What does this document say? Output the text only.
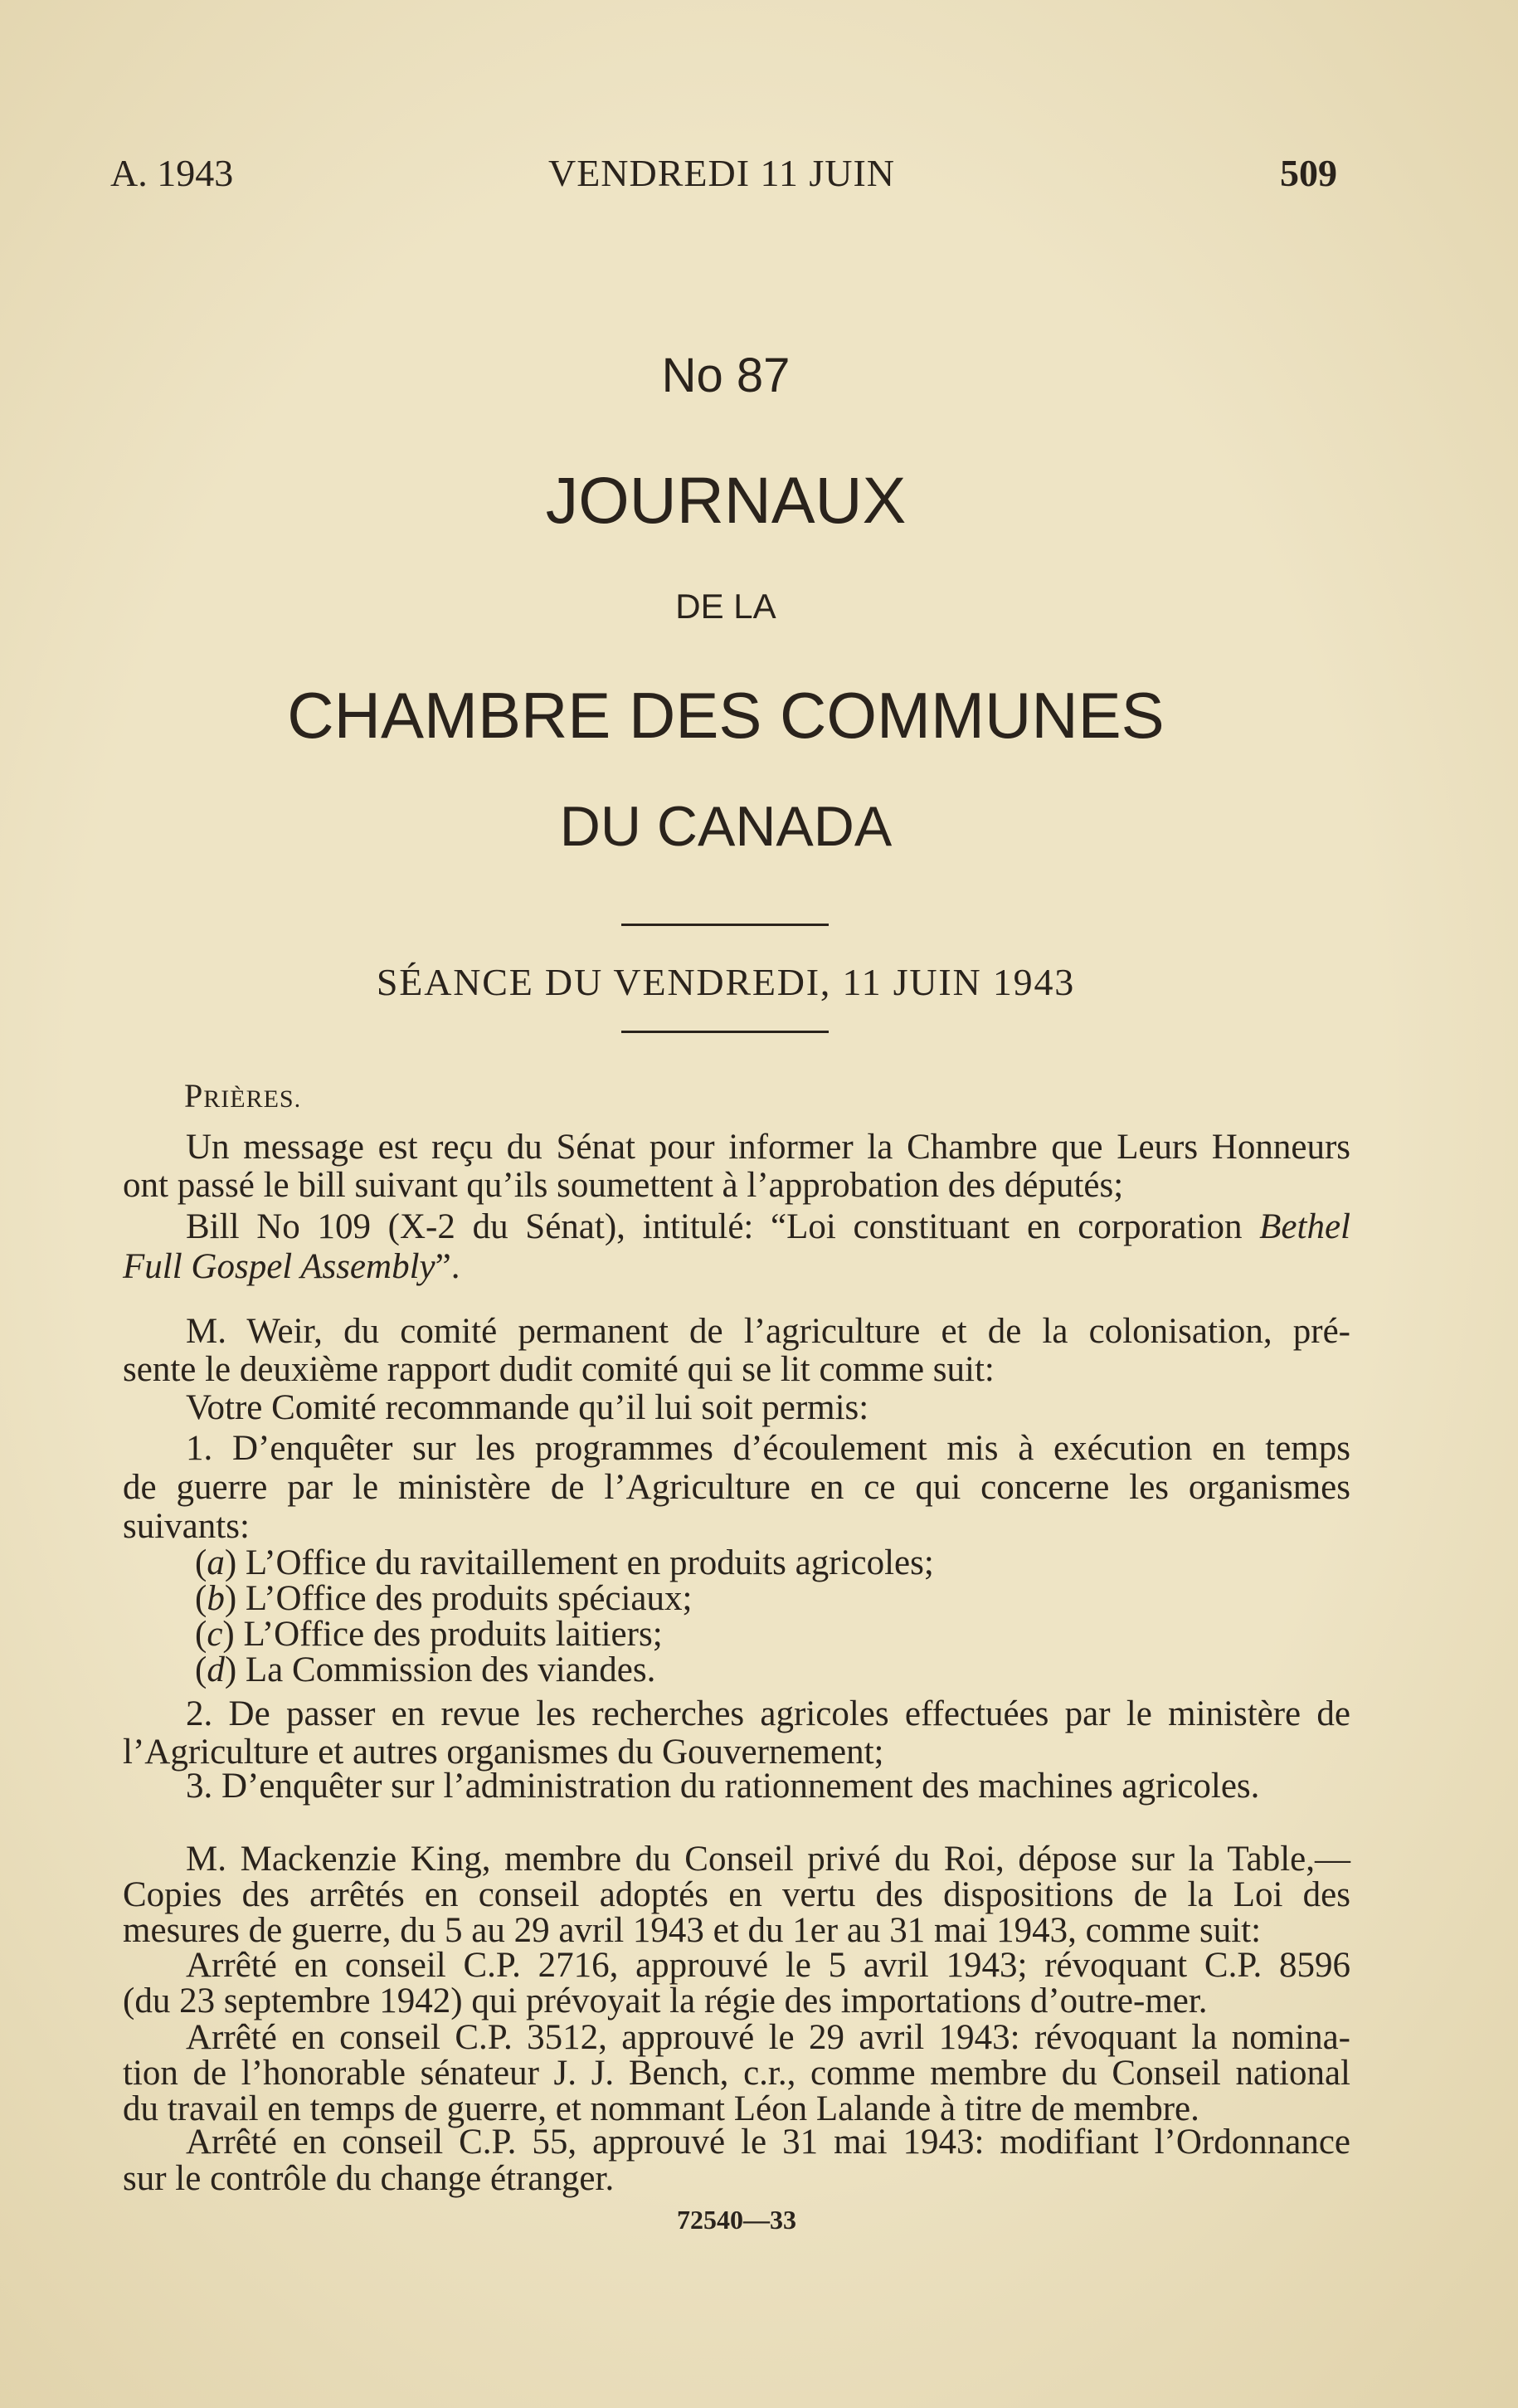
A. 1943	VENDREDI 11 JUIN	509
No 87
JOURNAUX
DE LA
CHAMBRE DES COMMUNES
DU CANADA
SÉANCE DU VENDREDI, 11 JUIN 1943
PRIÈRES.
Un message est reçu du Sénat pour informer la Chambre que Leurs Honneurs
ont passé le bill suivant qu’ils soumettent à l’approbation des députés;
Bill No 109 (X-2 du Sénat), intitulé: “Loi constituant en corporation Bethel
Full Gospel Assembly”.
M. Weir, du comité permanent de l’agriculture et de la colonisation, pré-
sente le deuxième rapport dudit comité qui se lit comme suit:
Votre Comité recommande qu’il lui soit permis:
1. D’enquêter sur les programmes d’écoulement mis à exécution en temps
de guerre par le ministère de l’Agriculture en ce qui concerne les organismes
suivants:
(a) L’Office du ravitaillement en produits agricoles;
(b) L’Office des produits spéciaux;
(c) L’Office des produits laitiers;
(d) La Commission des viandes.
2. De passer en revue les recherches agricoles effectuées par le ministère de
l’Agriculture et autres organismes du Gouvernement;
3. D’enquêter sur l’administration du rationnement des machines agricoles.
M. Mackenzie King, membre du Conseil privé du Roi, dépose sur la Table,—
Copies des arrêtés en conseil adoptés en vertu des dispositions de la Loi des
mesures de guerre, du 5 au 29 avril 1943 et du 1er au 31 mai 1943, comme suit:
Arrêté en conseil C.P. 2716, approuvé le 5 avril 1943; révoquant C.P. 8596
(du 23 septembre 1942) qui prévoyait la régie des importations d’outre-mer.
Arrêté en conseil C.P. 3512, approuvé le 29 avril 1943: révoquant la nomina-
tion de l’honorable sénateur J. J. Bench, c.r., comme membre du Conseil national
du travail en temps de guerre, et nommant Léon Lalande à titre de membre.
Arrêté en conseil C.P. 55, approuvé le 31 mai 1943: modifiant l’Ordonnance
sur le contrôle du change étranger.
72540—33
